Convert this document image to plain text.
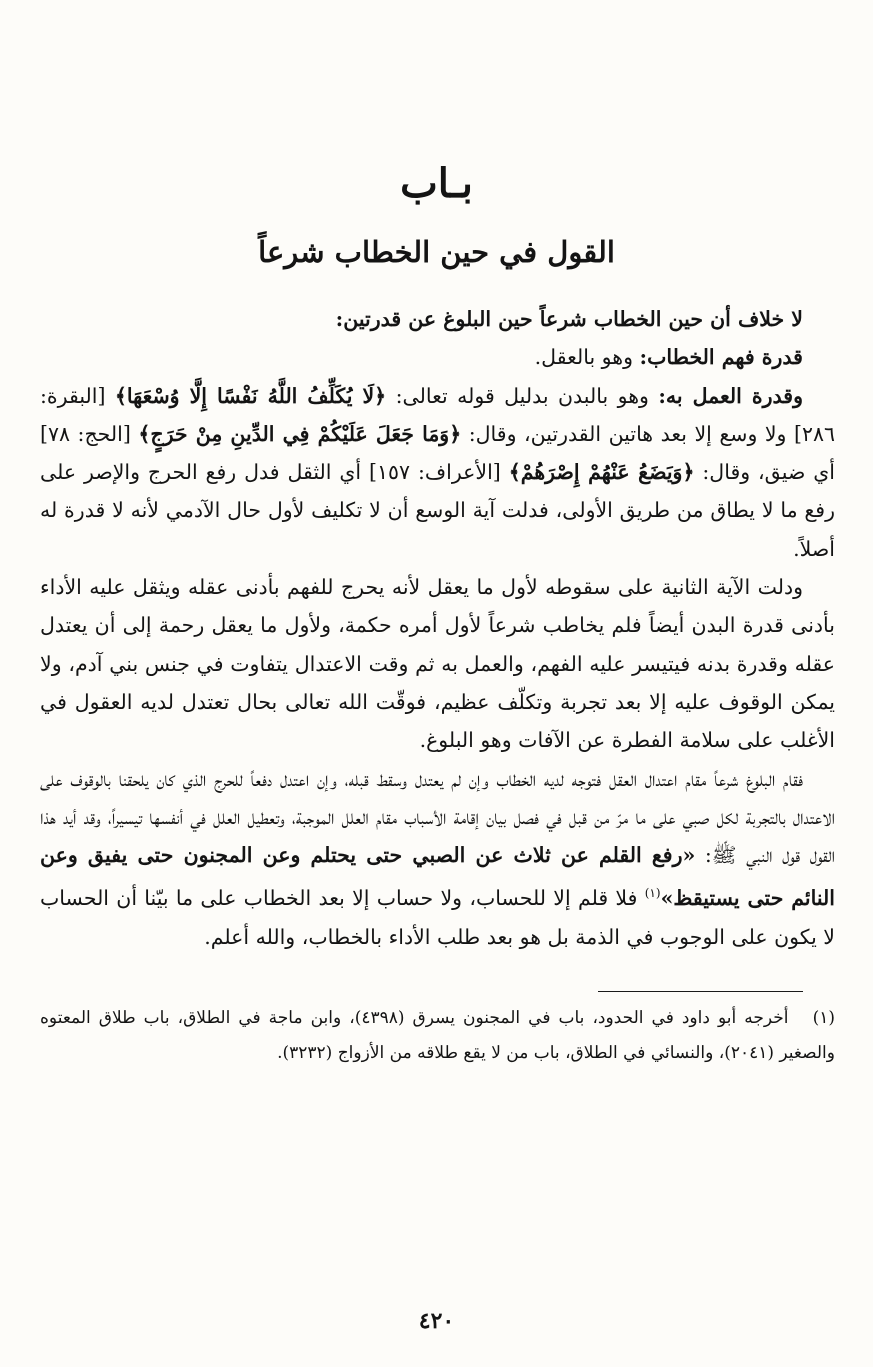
بـاب
القول في حين الخطاب شرعاً

لا خلاف أن حين الخطاب شرعاً حين البلوغ عن قدرتين:

قدرة فهم الخطاب: وهو بالعقل.

وقدرة العمل به: وهو بالبدن بدليل قوله تعالى: ﴿لَا يُكَلِّفُ اللَّهُ نَفْسًا إِلَّا وُسْعَهَا﴾ [البقرة: ٢٨٦] ولا وسع إلا بعد هاتين القدرتين، وقال: ﴿وَمَا جَعَلَ عَلَيْكُمْ فِي الدِّينِ مِنْ حَرَجٍ﴾ [الحج: ٧٨] أي ضيق، وقال: ﴿وَيَضَعُ عَنْهُمْ إِصْرَهُمْ﴾ [الأعراف: ١٥٧] أي الثقل فدل رفع الحرج والإصر على رفع ما لا يطاق من طريق الأولى، فدلت آية الوسع أن لا تكليف لأول حال الآدمي لأنه لا قدرة له أصلاً.

ودلت الآية الثانية على سقوطه لأول ما يعقل لأنه يحرج للفهم بأدنى عقله ويثقل عليه الأداء بأدنى قدرة البدن أيضاً فلم يخاطب شرعاً لأول أمره حكمة، ولأول ما يعقل رحمة إلى أن يعتدل عقله وقدرة بدنه فيتيسر عليه الفهم، والعمل به ثم وقت الاعتدال يتفاوت في جنس بني آدم، ولا يمكن الوقوف عليه إلا بعد تجربة وتكلّف عظيم، فوقّت الله تعالى بحال تعتدل لديه العقول في الأغلب على سلامة الفطرة عن الآفات وهو البلوغ.

فقام البلوغ شرعاً مقام اعتدال العقل فتوجه لديه الخطاب وإن لم يعتدل وسقط قبله، وإن اعتدل دفعاً للحرج الذي كان يلحقنا بالوقوف على الاعتدال بالتجربة لكل صبي على ما مرّ من قبل في فصل بيان إقامة الأسباب مقام العلل الموجبة، وتعطيل العلل في أنفسها تيسيراً، وقد أيد هذا القول قول النبي ﷺ: «رفع القلم عن ثلاث عن الصبي حتى يحتلم وعن المجنون حتى يفيق وعن النائم حتى يستيقظ»$^{(١)}$ فلا قلم إلا للحساب، ولا حساب إلا بعد الخطاب على ما بيّنا أن الحساب لا يكون على الوجوب في الذمة بل هو بعد طلب الأداء بالخطاب، والله أعلم.

(١)   أخرجه أبو داود في الحدود، باب في المجنون يسرق (٤٣٩٨)، وابن ماجة في الطلاق، باب طلاق المعتوه والصغير (٢٠٤١)، والنسائي في الطلاق، باب من لا يقع طلاقه من الأزواج (٣٢٣٢).

٤٢٠
